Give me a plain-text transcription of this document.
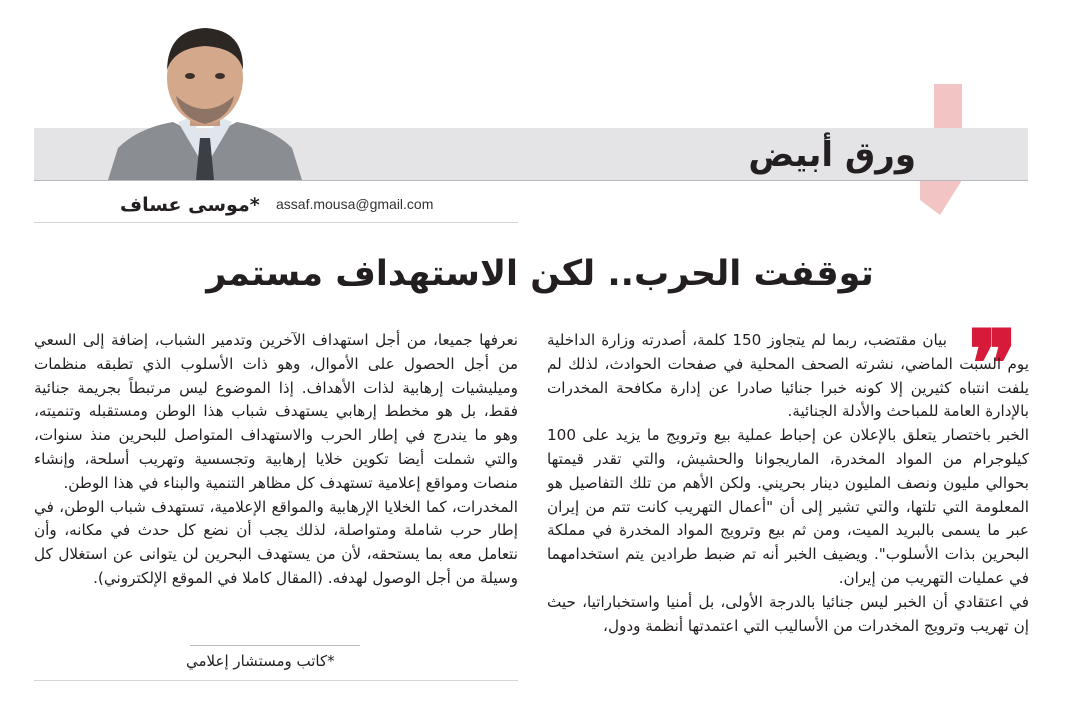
ورق أبيض
*موسى عساف assaf.mousa@gmail.com
توقفت الحرب.. لكن الاستهداف مستمر
❞

بيان مقتضب، ربما لم يتجاوز 150 كلمة، أصدرته وزارة الداخلية يوم السبت الماضي، نشرته الصحف المحلية في صفحات الحوادث، لذلك لم يلفت انتباه كثيرين إلا كونه خبرا جنائيا صادرا عن إدارة مكافحة المخدرات بالإدارة العامة للمباحث والأدلة الجنائية.

الخبر باختصار يتعلق بالإعلان عن إحباط عملية بيع وترويج ما يزيد على 100 كيلوجرام من المواد المخدرة، الماريجوانا والحشيش، والتي تقدر قيمتها بحوالي مليون ونصف المليون دينار بحريني. ولكن الأهم من تلك التفاصيل هو المعلومة التي تلتها، والتي تشير إلى أن "أعمال التهريب كانت تتم من إيران عبر ما يسمى بالبريد الميت، ومن ثم بيع وترويج المواد المخدرة في مملكة البحرين بذات الأسلوب". ويضيف الخبر أنه تم ضبط طرادين يتم استخدامهما في عمليات التهريب من إيران.

في اعتقادي أن الخبر ليس جنائيا بالدرجة الأولى، بل أمنيا واستخباراتيا، حيث إن تهريب وترويج المخدرات من الأساليب التي اعتمدتها أنظمة ودول،

نعرفها جميعا، من أجل استهداف الآخرين وتدمير الشباب، إضافة إلى السعي من أجل الحصول على الأموال، وهو ذات الأسلوب الذي تطبقه منظمات وميليشيات إرهابية لذات الأهداف. إذا الموضوع ليس مرتبطاً بجريمة جنائية فقط، بل هو مخطط إرهابي يستهدف شباب هذا الوطن ومستقبله وتنميته، وهو ما يندرج في إطار الحرب والاستهداف المتواصل للبحرين منذ سنوات، والتي شملت أيضا تكوين خلايا إرهابية وتجسسية وتهريب أسلحة، وإنشاء منصات ومواقع إعلامية تستهدف كل مظاهر التنمية والبناء في هذا الوطن.

المخدرات، كما الخلايا الإرهابية والمواقع الإعلامية، تستهدف شباب الوطن، في إطار حرب شاملة ومتواصلة، لذلك يجب أن نضع كل حدث في مكانه، وأن نتعامل معه بما يستحقه، لأن من يستهدف البحرين لن يتوانى عن استغلال كل وسيلة من أجل الوصول لهدفه. (المقال كاملا في الموقع الإلكتروني).

*كاتب ومستشار إعلامي
